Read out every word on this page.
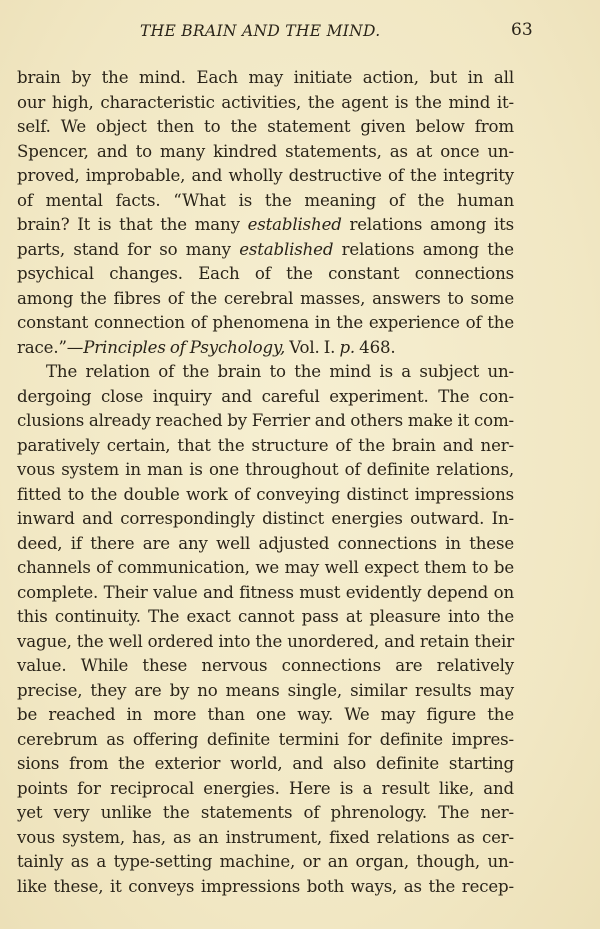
THE BRAIN AND THE MIND.	63
brain by the mind. Each may initiate action, but in all
our high, characteristic activities, the agent is the mind it-
self. We object then to the statement given below from
Spencer, and to many kindred statements, as at once un-
proved, improbable, and wholly destructive of the integrity
of mental facts. “What is the meaning of the human
brain? It is that the many established relations among its
parts, stand for so many established relations among the
psychical changes. Each of the constant connections
among the fibres of the cerebral masses, answers to some
constant connection of phenomena in the experience of the
race.”—Principles of Psychology, Vol. I. p. 468.
The relation of the brain to the mind is a subject un-
dergoing close inquiry and careful experiment. The con-
clusions already reached by Ferrier and others make it com-
paratively certain, that the structure of the brain and ner-
vous system in man is one throughout of definite relations,
fitted to the double work of conveying distinct impressions
inward and correspondingly distinct energies outward. In-
deed, if there are any well adjusted connections in these
channels of communication, we may well expect them to be
complete. Their value and fitness must evidently depend on
this continuity. The exact cannot pass at pleasure into the
vague, the well ordered into the unordered, and retain their
value. While these nervous connections are relatively
precise, they are by no means single, similar results may
be reached in more than one way. We may figure the
cerebrum as offering definite termini for definite impres-
sions from the exterior world, and also definite starting
points for reciprocal energies. Here is a result like, and
yet very unlike the statements of phrenology. The ner-
vous system, has, as an instrument, fixed relations as cer-
tainly as a type-setting machine, or an organ, though, un-
like these, it conveys impressions both ways, as the recep-
